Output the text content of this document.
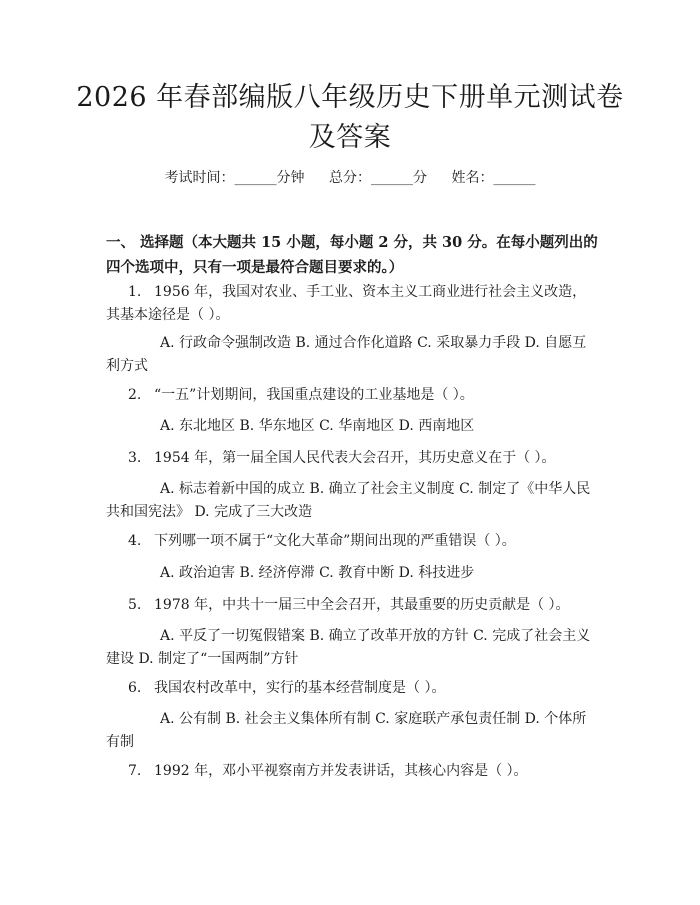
2026 年春部编版八年级历史下册单元测试卷
及答案
考试时间：______分钟 总分：______分 姓名：______
一、 选择题（本大题共 15 小题，每小题 2 分，共 30 分。在每小题列出的四个选项中，只有一项是最符合题目要求的。）
1. 1956 年，我国对农业、手工业、资本主义工商业进行社会主义改造，其基本途径是（ ）。
A. 行政命令强制改造 B. 通过合作化道路 C. 采取暴力手段 D. 自愿互利方式
2. “一五”计划期间，我国重点建设的工业基地是（ ）。
A. 东北地区 B. 华东地区 C. 华南地区 D. 西南地区
3. 1954 年，第一届全国人民代表大会召开，其历史意义在于（ ）。
A. 标志着新中国的成立 B. 确立了社会主义制度 C. 制定了《中华人民共和国宪法》 D. 完成了三大改造
4. 下列哪一项不属于“文化大革命”期间出现的严重错误（ ）。
A. 政治迫害 B. 经济停滞 C. 教育中断 D. 科技进步
5. 1978 年，中共十一届三中全会召开，其最重要的历史贡献是（ ）。
A. 平反了一切冤假错案 B. 确立了改革开放的方针 C. 完成了社会主义建设 D. 制定了“一国两制”方针
6. 我国农村改革中，实行的基本经营制度是（ ）。
A. 公有制 B. 社会主义集体所有制 C. 家庭联产承包责任制 D. 个体所有制
7. 1992 年，邓小平视察南方并发表讲话，其核心内容是（ ）。
